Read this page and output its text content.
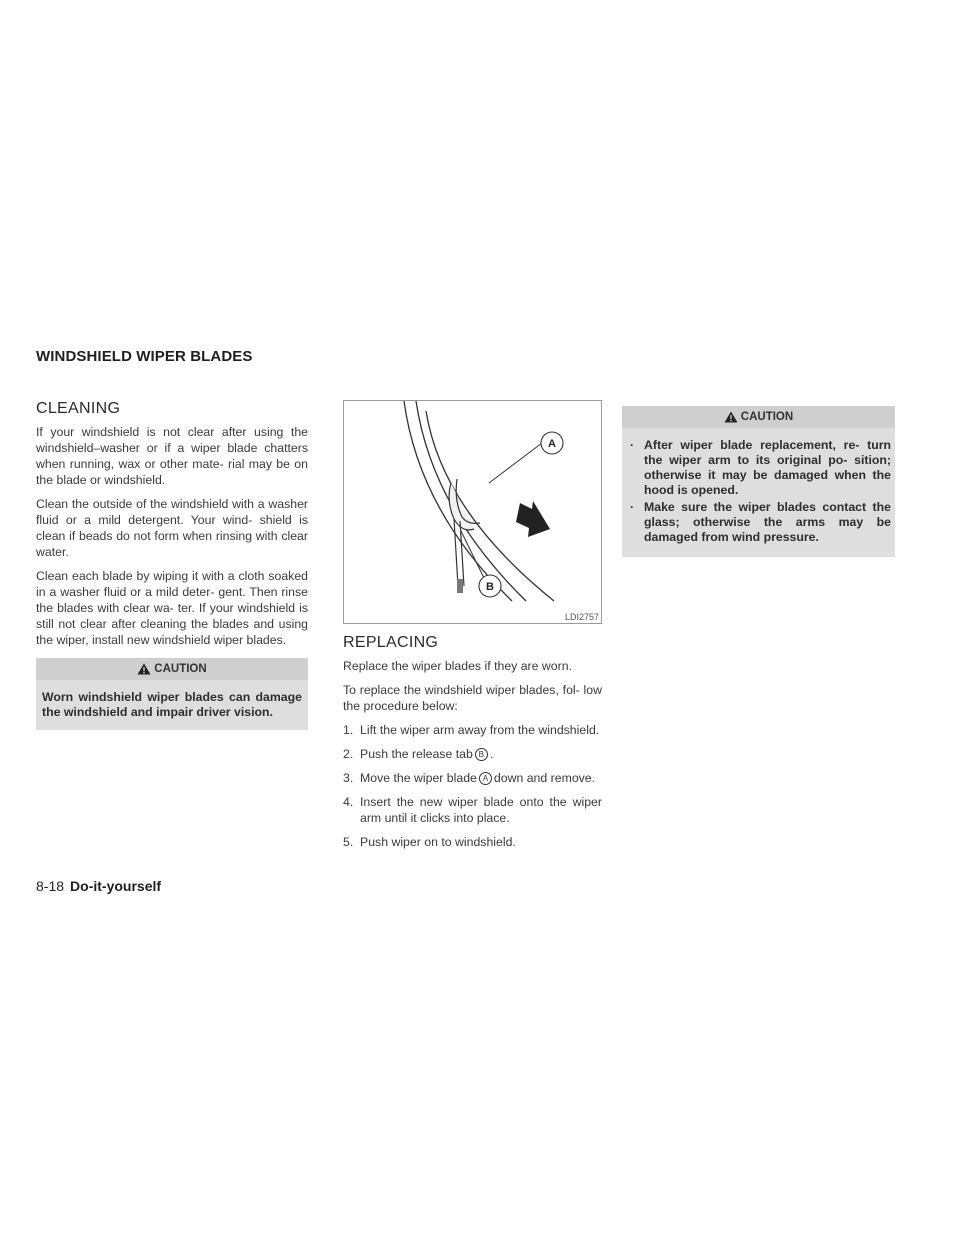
WINDSHIELD WIPER BLADES
CLEANING

If your windshield is not clear after using the windshield–washer or if a wiper blade chatters when running, wax or other mate- rial may be on the blade or windshield.

Clean the outside of the windshield with a washer fluid or a mild detergent. Your wind- shield is clean if beads do not form when rinsing with clear water.

Clean each blade by wiping it with a cloth soaked in a washer fluid or a mild deter- gent. Then rinse the blades with clear wa- ter. If your windshield is still not clear after cleaning the blades and using the wiper, install new windshield wiper blades.

CAUTION
Worn windshield wiper blades can damage the windshield and impair driver vision.
A
B
LDI2757
REPLACING

Replace the wiper blades if they are worn.

To replace the windshield wiper blades, fol- low the procedure below:

1. Lift the wiper arm away from the windshield.
2. Push the release tab B .
3. Move the wiper blade A down and remove.
4. Insert the new wiper blade onto the wiper arm until it clicks into place.
5. Push wiper on to windshield.
CAUTION
· After wiper blade replacement, re- turn the wiper arm to its original po- sition; otherwise it may be damaged when the hood is opened.
· Make sure the wiper blades contact the glass; otherwise the arms may be damaged from wind pressure.
8-18 Do-it-yourself
